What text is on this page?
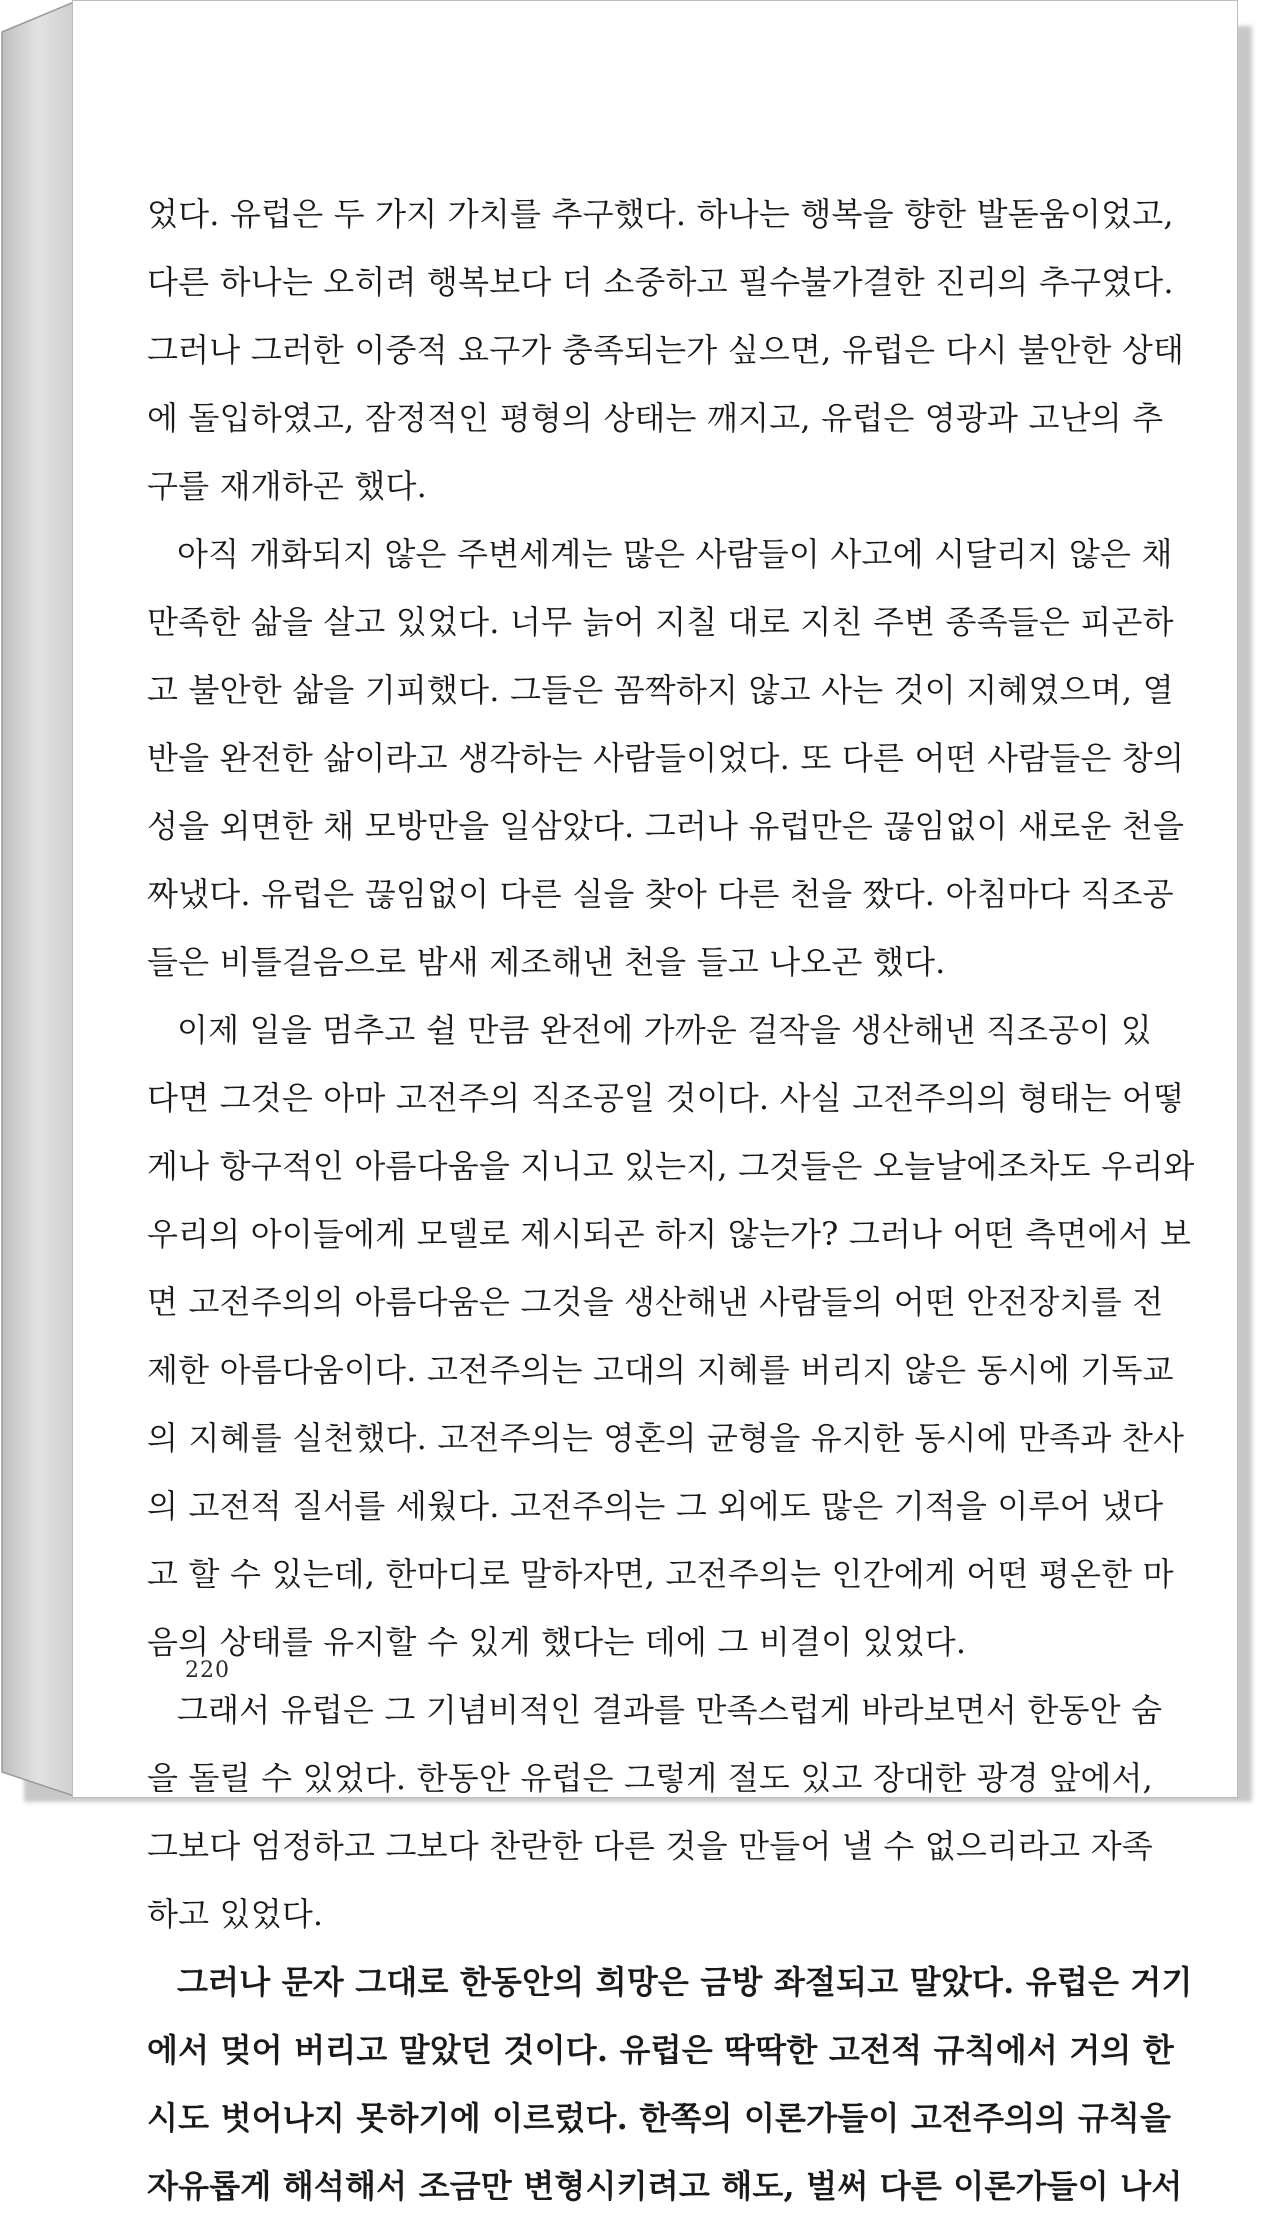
었다. 유럽은 두 가지 가치를 추구했다. 하나는 행복을 향한 발돋움이었고,
다른 하나는 오히려 행복보다 더 소중하고 필수불가결한 진리의 추구였다.
그러나 그러한 이중적 요구가 충족되는가 싶으면, 유럽은 다시 불안한 상태
에 돌입하였고, 잠정적인 평형의 상태는 깨지고, 유럽은 영광과 고난의 추
구를 재개하곤 했다.
아직 개화되지 않은 주변세계는 많은 사람들이 사고에 시달리지 않은 채
만족한 삶을 살고 있었다. 너무 늙어 지칠 대로 지친 주변 종족들은 피곤하
고 불안한 삶을 기피했다. 그들은 꼼짝하지 않고 사는 것이 지혜였으며, 열
반을 완전한 삶이라고 생각하는 사람들이었다. 또 다른 어떤 사람들은 창의
성을 외면한 채 모방만을 일삼았다. 그러나 유럽만은 끊임없이 새로운 천을
짜냈다. 유럽은 끊임없이 다른 실을 찾아 다른 천을 짰다. 아침마다 직조공
들은 비틀걸음으로 밤새 제조해낸 천을 들고 나오곤 했다.
이제 일을 멈추고 쉴 만큼 완전에 가까운 걸작을 생산해낸 직조공이 있
다면 그것은 아마 고전주의 직조공일 것이다. 사실 고전주의의 형태는 어떻
게나 항구적인 아름다움을 지니고 있는지, 그것들은 오늘날에조차도 우리와
우리의 아이들에게 모델로 제시되곤 하지 않는가? 그러나 어떤 측면에서 보
면 고전주의의 아름다움은 그것을 생산해낸 사람들의 어떤 안전장치를 전
제한 아름다움이다. 고전주의는 고대의 지혜를 버리지 않은 동시에 기독교
의 지혜를 실천했다. 고전주의는 영혼의 균형을 유지한 동시에 만족과 찬사
의 고전적 질서를 세웠다. 고전주의는 그 외에도 많은 기적을 이루어 냈다
고 할 수 있는데, 한마디로 말하자면, 고전주의는 인간에게 어떤 평온한 마
음의 상태를 유지할 수 있게 했다는 데에 그 비결이 있었다.
그래서 유럽은 그 기념비적인 결과를 만족스럽게 바라보면서 한동안 숨
을 돌릴 수 있었다. 한동안 유럽은 그렇게 절도 있고 장대한 광경 앞에서,
그보다 엄정하고 그보다 찬란한 다른 것을 만들어 낼 수 없으리라고 자족
하고 있었다.
그러나 문자 그대로 한동안의 희망은 금방 좌절되고 말았다. 유럽은 거기
에서 멎어 버리고 말았던 것이다. 유럽은 딱딱한 고전적 규칙에서 거의 한
시도 벗어나지 못하기에 이르렀다. 한쪽의 이론가들이 고전주의의 규칙을
자유롭게 해석해서 조금만 변형시키려고 해도, 벌써 다른 이론가들이 나서
220
